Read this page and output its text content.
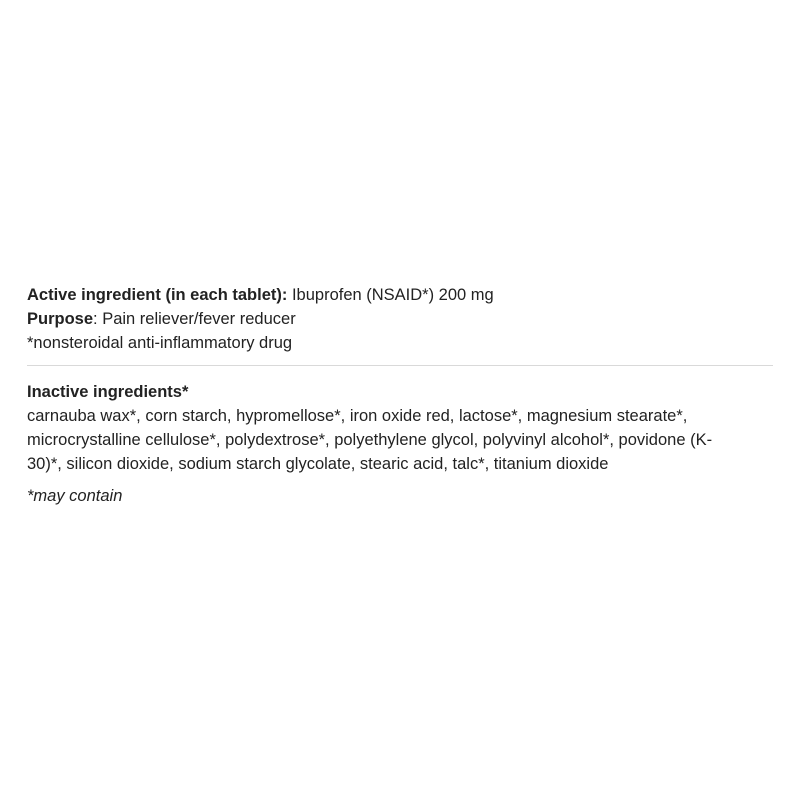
Active ingredient (in each tablet): Ibuprofen (NSAID*) 200 mg
Purpose: Pain reliever/fever reducer
*nonsteroidal anti-inflammatory drug
Inactive ingredients*
carnauba wax*, corn starch, hypromellose*, iron oxide red, lactose*, magnesium stearate*,
microcrystalline cellulose*, polydextrose*, polyethylene glycol, polyvinyl alcohol*, povidone (K-
30)*, silicon dioxide, sodium starch glycolate, stearic acid, talc*, titanium dioxide
*may contain
